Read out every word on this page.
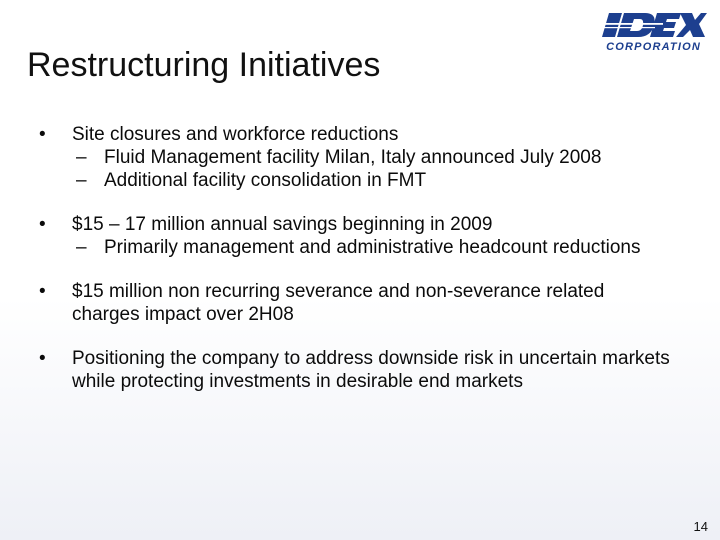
Restructuring Initiatives	CORPORATION
• Site closures and workforce reductions
– Fluid Management facility Milan, Italy announced July 2008
– Additional facility consolidation in FMT
• $15 – 17 million annual savings beginning in 2009
– Primarily management and administrative headcount reductions
• $15 million non recurring severance and non-severance related charges impact over 2H08
• Positioning the company to address downside risk in uncertain markets while protecting investments in desirable end markets
14
